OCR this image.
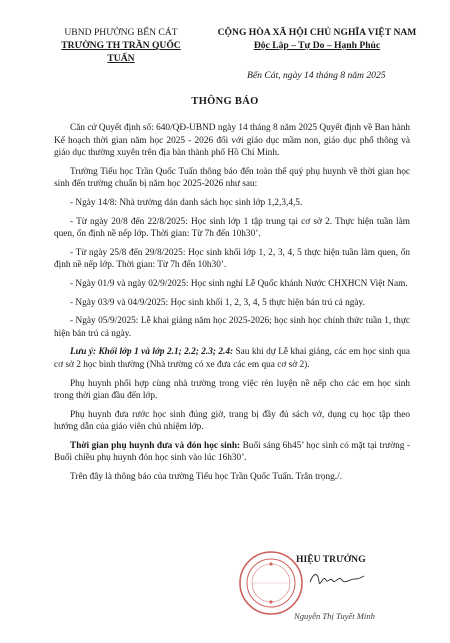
UBND PHƯỜNG BẾN CÁT
TRƯỜNG TH TRẦN QUỐC TUẤN
CỘNG HÒA XÃ HỘI CHỦ NGHĨA VIỆT NAM
Độc Lập – Tự Do – Hạnh Phúc
Bến Cát, ngày 14 tháng 8 năm 2025
THÔNG BÁO

Căn cứ Quyết định số: 640/QĐ-UBND ngày 14 tháng 8 năm 2025 Quyết định về Ban hành Kế hoạch thời gian năm học 2025 - 2026 đối với giáo dục mầm non, giáo dục phổ thông và giáo dục thường xuyên trên địa bàn thành phố Hồ Chí Minh.

Trường Tiểu học Trần Quốc Tuấn thông báo đến toàn thể quý phụ huynh về thời gian học sinh đến trường chuẩn bị năm học 2025-2026 như sau:

- Ngày 14/8: Nhà trường dán danh sách học sinh lớp 1,2,3,4,5.

- Từ ngày 20/8 đến 22/8/2025: Học sinh lớp 1 tập trung tại cơ sở 2. Thực hiện tuần làm quen, ổn định nề nếp lớp. Thời gian: Từ 7h đến 10h30’.

- Từ ngày 25/8 đến 29/8/2025: Học sinh khối lớp 1, 2, 3, 4, 5 thực hiện tuần làm quen, ổn định nề nếp lớp. Thời gian: Từ 7h đến 10h30’.

- Ngày 01/9 và ngày 02/9/2025: Học sinh nghỉ Lễ Quốc khánh Nước CHXHCN Việt Nam.

- Ngày 03/9 và 04/9/2025: Học sinh khối 1, 2, 3, 4, 5 thực hiện bán trú cả ngày.

- Ngày 05/9/2025: Lễ khai giảng năm học 2025-2026; học sinh học chính thức tuần 1, thực hiện bán trú cả ngày.

Lưu ý: Khối lớp 1 và lớp 2.1; 2.2; 2.3; 2.4: Sau khi dự Lễ khai giảng, các em học sinh qua cơ sở 2 học bình thường (Nhà trường có xe đưa các em qua cơ sở 2).

Phụ huynh phối hợp cùng nhà trường trong việc rèn luyện nề nếp cho các em học sinh trong thời gian đầu đến lớp.

Phụ huynh đưa rước học sinh đúng giờ, trang bị đầy đủ sách vở, dụng cụ học tập theo hướng dẫn của giáo viên chủ nhiệm lớp.

Thời gian phụ huynh đưa và đón học sinh: Buổi sáng 6h45’ học sinh có mặt tại trường - Buổi chiều phụ huynh đón học sinh vào lúc 16h30’.

Trên đây là thông báo của trường Tiểu học Trần Quốc Tuấn. Trân trọng./.

HIỆU TRƯỞNG
Nguyễn Thị Tuyết Minh
